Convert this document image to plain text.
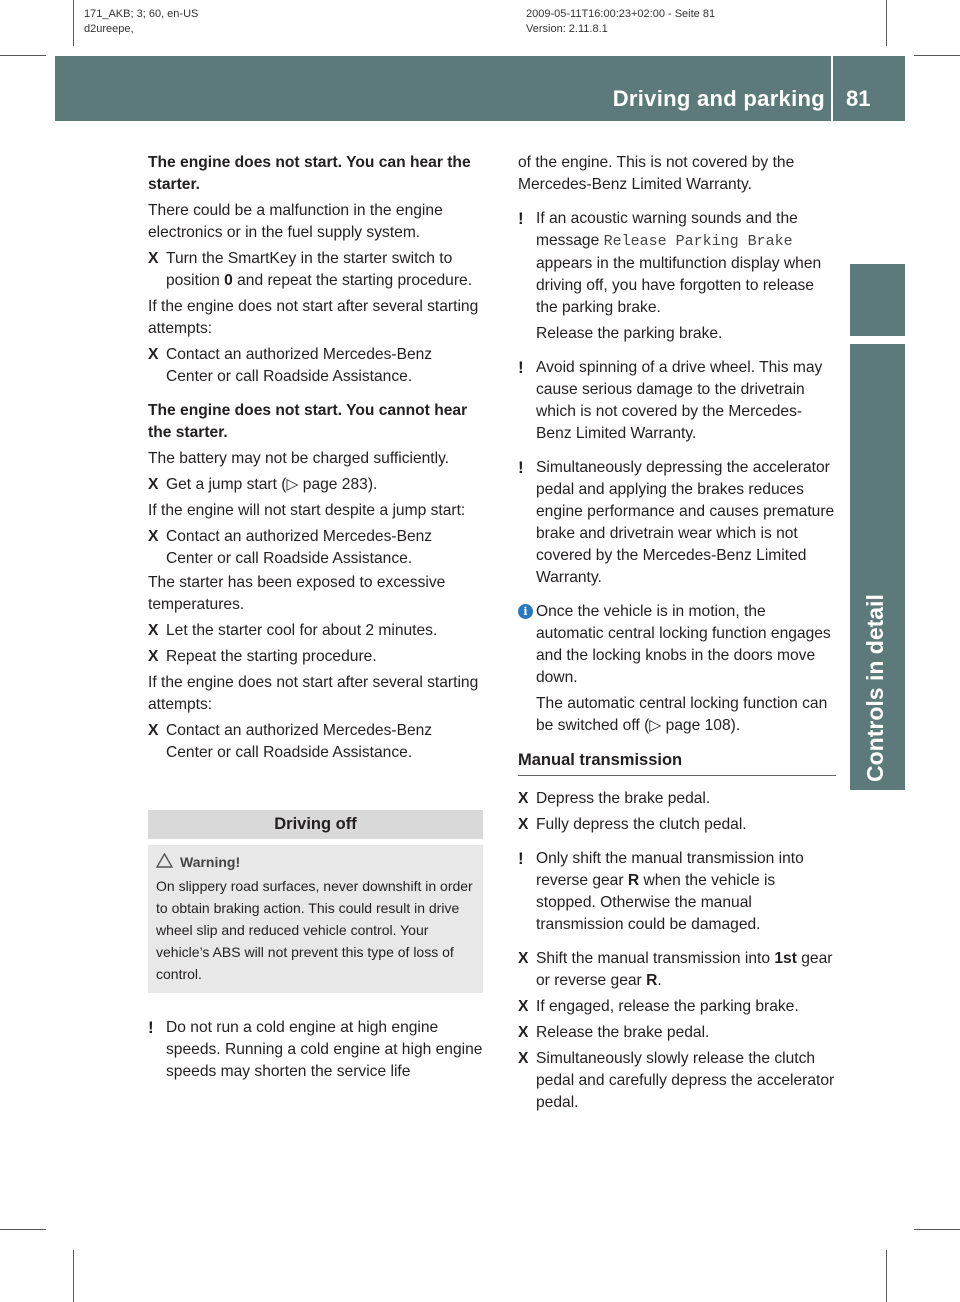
171_AKB; 3; 60, en-US
d2ureepe,
2009-05-11T16:00:23+02:00 - Seite 81
Version: 2.11.8.1
Driving and parking 81
Controls in detail

The engine does not start. You can hear the starter.

There could be a malfunction in the engine electronics or in the fuel supply system.

X Turn the SmartKey in the starter switch to position 0 and repeat the starting procedure.

If the engine does not start after several starting attempts:

X Contact an authorized Mercedes-Benz Center or call Roadside Assistance.

The engine does not start. You cannot hear the starter.

The battery may not be charged sufficiently.

X Get a jump start (▷ page 283).

If the engine will not start despite a jump start:

X Contact an authorized Mercedes-Benz Center or call Roadside Assistance.

The starter has been exposed to excessive temperatures.

X Let the starter cool for about 2 minutes.
X Repeat the starting procedure.

If the engine does not start after several starting attempts:

X Contact an authorized Mercedes-Benz Center or call Roadside Assistance.
Driving off
Warning!
On slippery road surfaces, never downshift in order to obtain braking action. This could result in drive wheel slip and reduced vehicle control. Your vehicle’s ABS will not prevent this type of loss of control.
! Do not run a cold engine at high engine speeds. Running a cold engine at high engine speeds may shorten the service life

of the engine. This is not covered by the Mercedes-Benz Limited Warranty.

! If an acoustic warning sounds and the message Release Parking Brake appears in the multifunction display when driving off, you have forgotten to release the parking brake.
Release the parking brake.
! Avoid spinning of a drive wheel. This may cause serious damage to the drivetrain which is not covered by the Mercedes-Benz Limited Warranty.
! Simultaneously depressing the accelerator pedal and applying the brakes reduces engine performance and causes premature brake and drivetrain wear which is not covered by the Mercedes-Benz Limited Warranty.
i Once the vehicle is in motion, the automatic central locking function engages and the locking knobs in the doors move down.
The automatic central locking function can be switched off (▷ page 108).
Manual transmission
X Depress the brake pedal.
X Fully depress the clutch pedal.
! Only shift the manual transmission into reverse gear R when the vehicle is stopped. Otherwise the manual transmission could be damaged.
X Shift the manual transmission into 1st gear or reverse gear R.
X If engaged, release the parking brake.
X Release the brake pedal.
X Simultaneously slowly release the clutch pedal and carefully depress the accelerator pedal.
